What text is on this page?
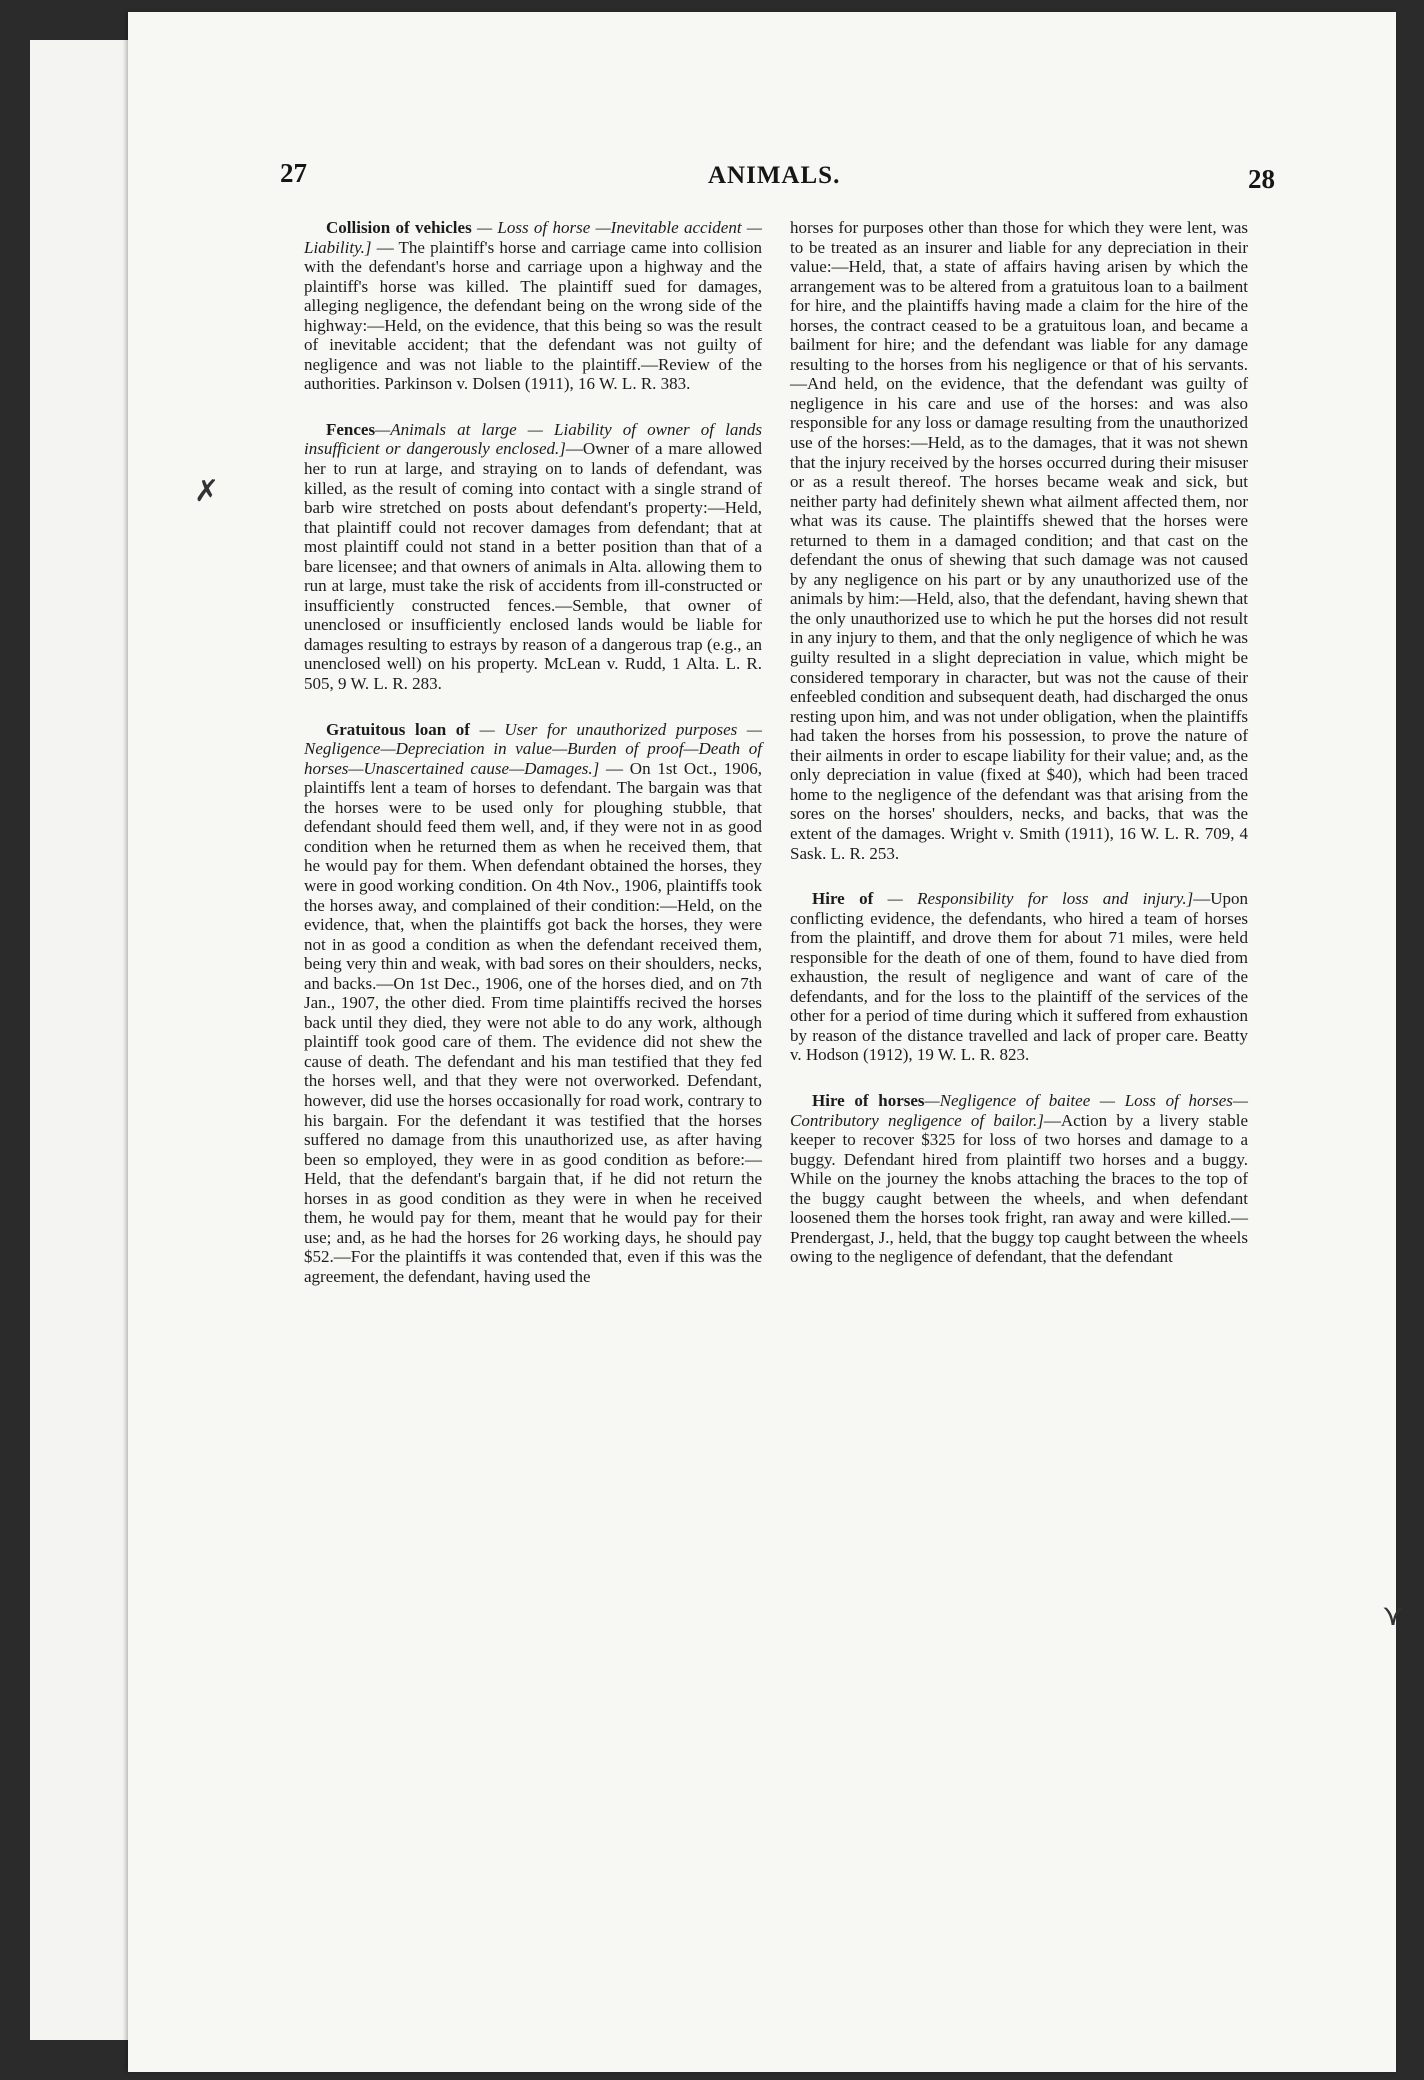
27	ANIMALS.	28

Collision of vehicles — Loss of horse —Inevitable accident — Liability.] — The plaintiff's horse and carriage came into collision with the defendant's horse and carriage upon a highway and the plaintiff's horse was killed. The plaintiff sued for damages, alleging negligence, the defendant being on the wrong side of the highway:—Held, on the evidence, that this being so was the result of inevitable accident; that the defendant was not guilty of negligence and was not liable to the plaintiff.—Review of the authorities. Parkinson v. Dolsen (1911), 16 W. L. R. 383.

Fences—Animals at large — Liability of owner of lands insufficient or dangerously enclosed.]—Owner of a mare allowed her to run at large, and straying on to lands of defendant, was killed, as the result of coming into contact with a single strand of barb wire stretched on posts about defendant's property:—Held, that plaintiff could not recover damages from defendant; that at most plaintiff could not stand in a better position than that of a bare licensee; and that owners of animals in Alta. allowing them to run at large, must take the risk of accidents from ill-constructed or insufficiently constructed fences.—Semble, that owner of unenclosed or insufficiently enclosed lands would be liable for damages resulting to estrays by reason of a dangerous trap (e.g., an unenclosed well) on his property. McLean v. Rudd, 1 Alta. L. R. 505, 9 W. L. R. 283.

Gratuitous loan of — User for unauthorized purposes — Negligence—Depreciation in value—Burden of proof—Death of horses—Unascertained cause—Damages.] — On 1st Oct., 1906, plaintiffs lent a team of horses to defendant. The bargain was that the horses were to be used only for ploughing stubble, that defendant should feed them well, and, if they were not in as good condition when he returned them as when he received them, that he would pay for them. When defendant obtained the horses, they were in good working condition. On 4th Nov., 1906, plaintiffs took the horses away, and complained of their condition:—Held, on the evidence, that, when the plaintiffs got back the horses, they were not in as good a condition as when the defendant received them, being very thin and weak, with bad sores on their shoulders, necks, and backs.—On 1st Dec., 1906, one of the horses died, and on 7th Jan., 1907, the other died. From time plaintiffs recived the horses back until they died, they were not able to do any work, although plaintiff took good care of them. The evidence did not shew the cause of death. The defendant and his man testified that they fed the horses well, and that they were not overworked. Defendant, however, did use the horses occasionally for road work, contrary to his bargain. For the defendant it was testified that the horses suffered no damage from this unauthorized use, as after having been so employed, they were in as good condition as before:—Held, that the defendant's bargain that, if he did not return the horses in as good condition as they were in when he received them, he would pay for them, meant that he would pay for their use; and, as he had the horses for 26 working days, he should pay $52.—For the plaintiffs it was contended that, even if this was the agreement, the defendant, having used the

horses for purposes other than those for which they were lent, was to be treated as an insurer and liable for any depreciation in their value:—Held, that, a state of affairs having arisen by which the arrangement was to be altered from a gratuitous loan to a bailment for hire, and the plaintiffs having made a claim for the hire of the horses, the contract ceased to be a gratuitous loan, and became a bailment for hire; and the defendant was liable for any damage resulting to the horses from his negligence or that of his servants.—And held, on the evidence, that the defendant was guilty of negligence in his care and use of the horses: and was also responsible for any loss or damage resulting from the unauthorized use of the horses:—Held, as to the damages, that it was not shewn that the injury received by the horses occurred during their misuser or as a result thereof. The horses became weak and sick, but neither party had definitely shewn what ailment affected them, nor what was its cause. The plaintiffs shewed that the horses were returned to them in a damaged condition; and that cast on the defendant the onus of shewing that such damage was not caused by any negligence on his part or by any unauthorized use of the animals by him:—Held, also, that the defendant, having shewn that the only unauthorized use to which he put the horses did not result in any injury to them, and that the only negligence of which he was guilty resulted in a slight depreciation in value, which might be considered temporary in character, but was not the cause of their enfeebled condition and subsequent death, had discharged the onus resting upon him, and was not under obligation, when the plaintiffs had taken the horses from his possession, to prove the nature of their ailments in order to escape liability for their value; and, as the only depreciation in value (fixed at $40), which had been traced home to the negligence of the defendant was that arising from the sores on the horses' shoulders, necks, and backs, that was the extent of the damages. Wright v. Smith (1911), 16 W. L. R. 709, 4 Sask. L. R. 253.

Hire of — Responsibility for loss and injury.]—Upon conflicting evidence, the defendants, who hired a team of horses from the plaintiff, and drove them for about 71 miles, were held responsible for the death of one of them, found to have died from exhaustion, the result of negligence and want of care of the defendants, and for the loss to the plaintiff of the services of the other for a period of time during which it suffered from exhaustion by reason of the distance travelled and lack of proper care. Beatty v. Hodson (1912), 19 W. L. R. 823.

Hire of horses—Negligence of baitee — Loss of horses—Contributory negligence of bailor.]—Action by a livery stable keeper to recover $325 for loss of two horses and damage to a buggy. Defendant hired from plaintiff two horses and a buggy. While on the journey the knobs attaching the braces to the top of the buggy caught between the wheels, and when defendant loosened them the horses took fright, ran away and were killed.—Prendergast, J., held, that the buggy top caught between the wheels owing to the negligence of defendant, that the defendant

✗
⋎
